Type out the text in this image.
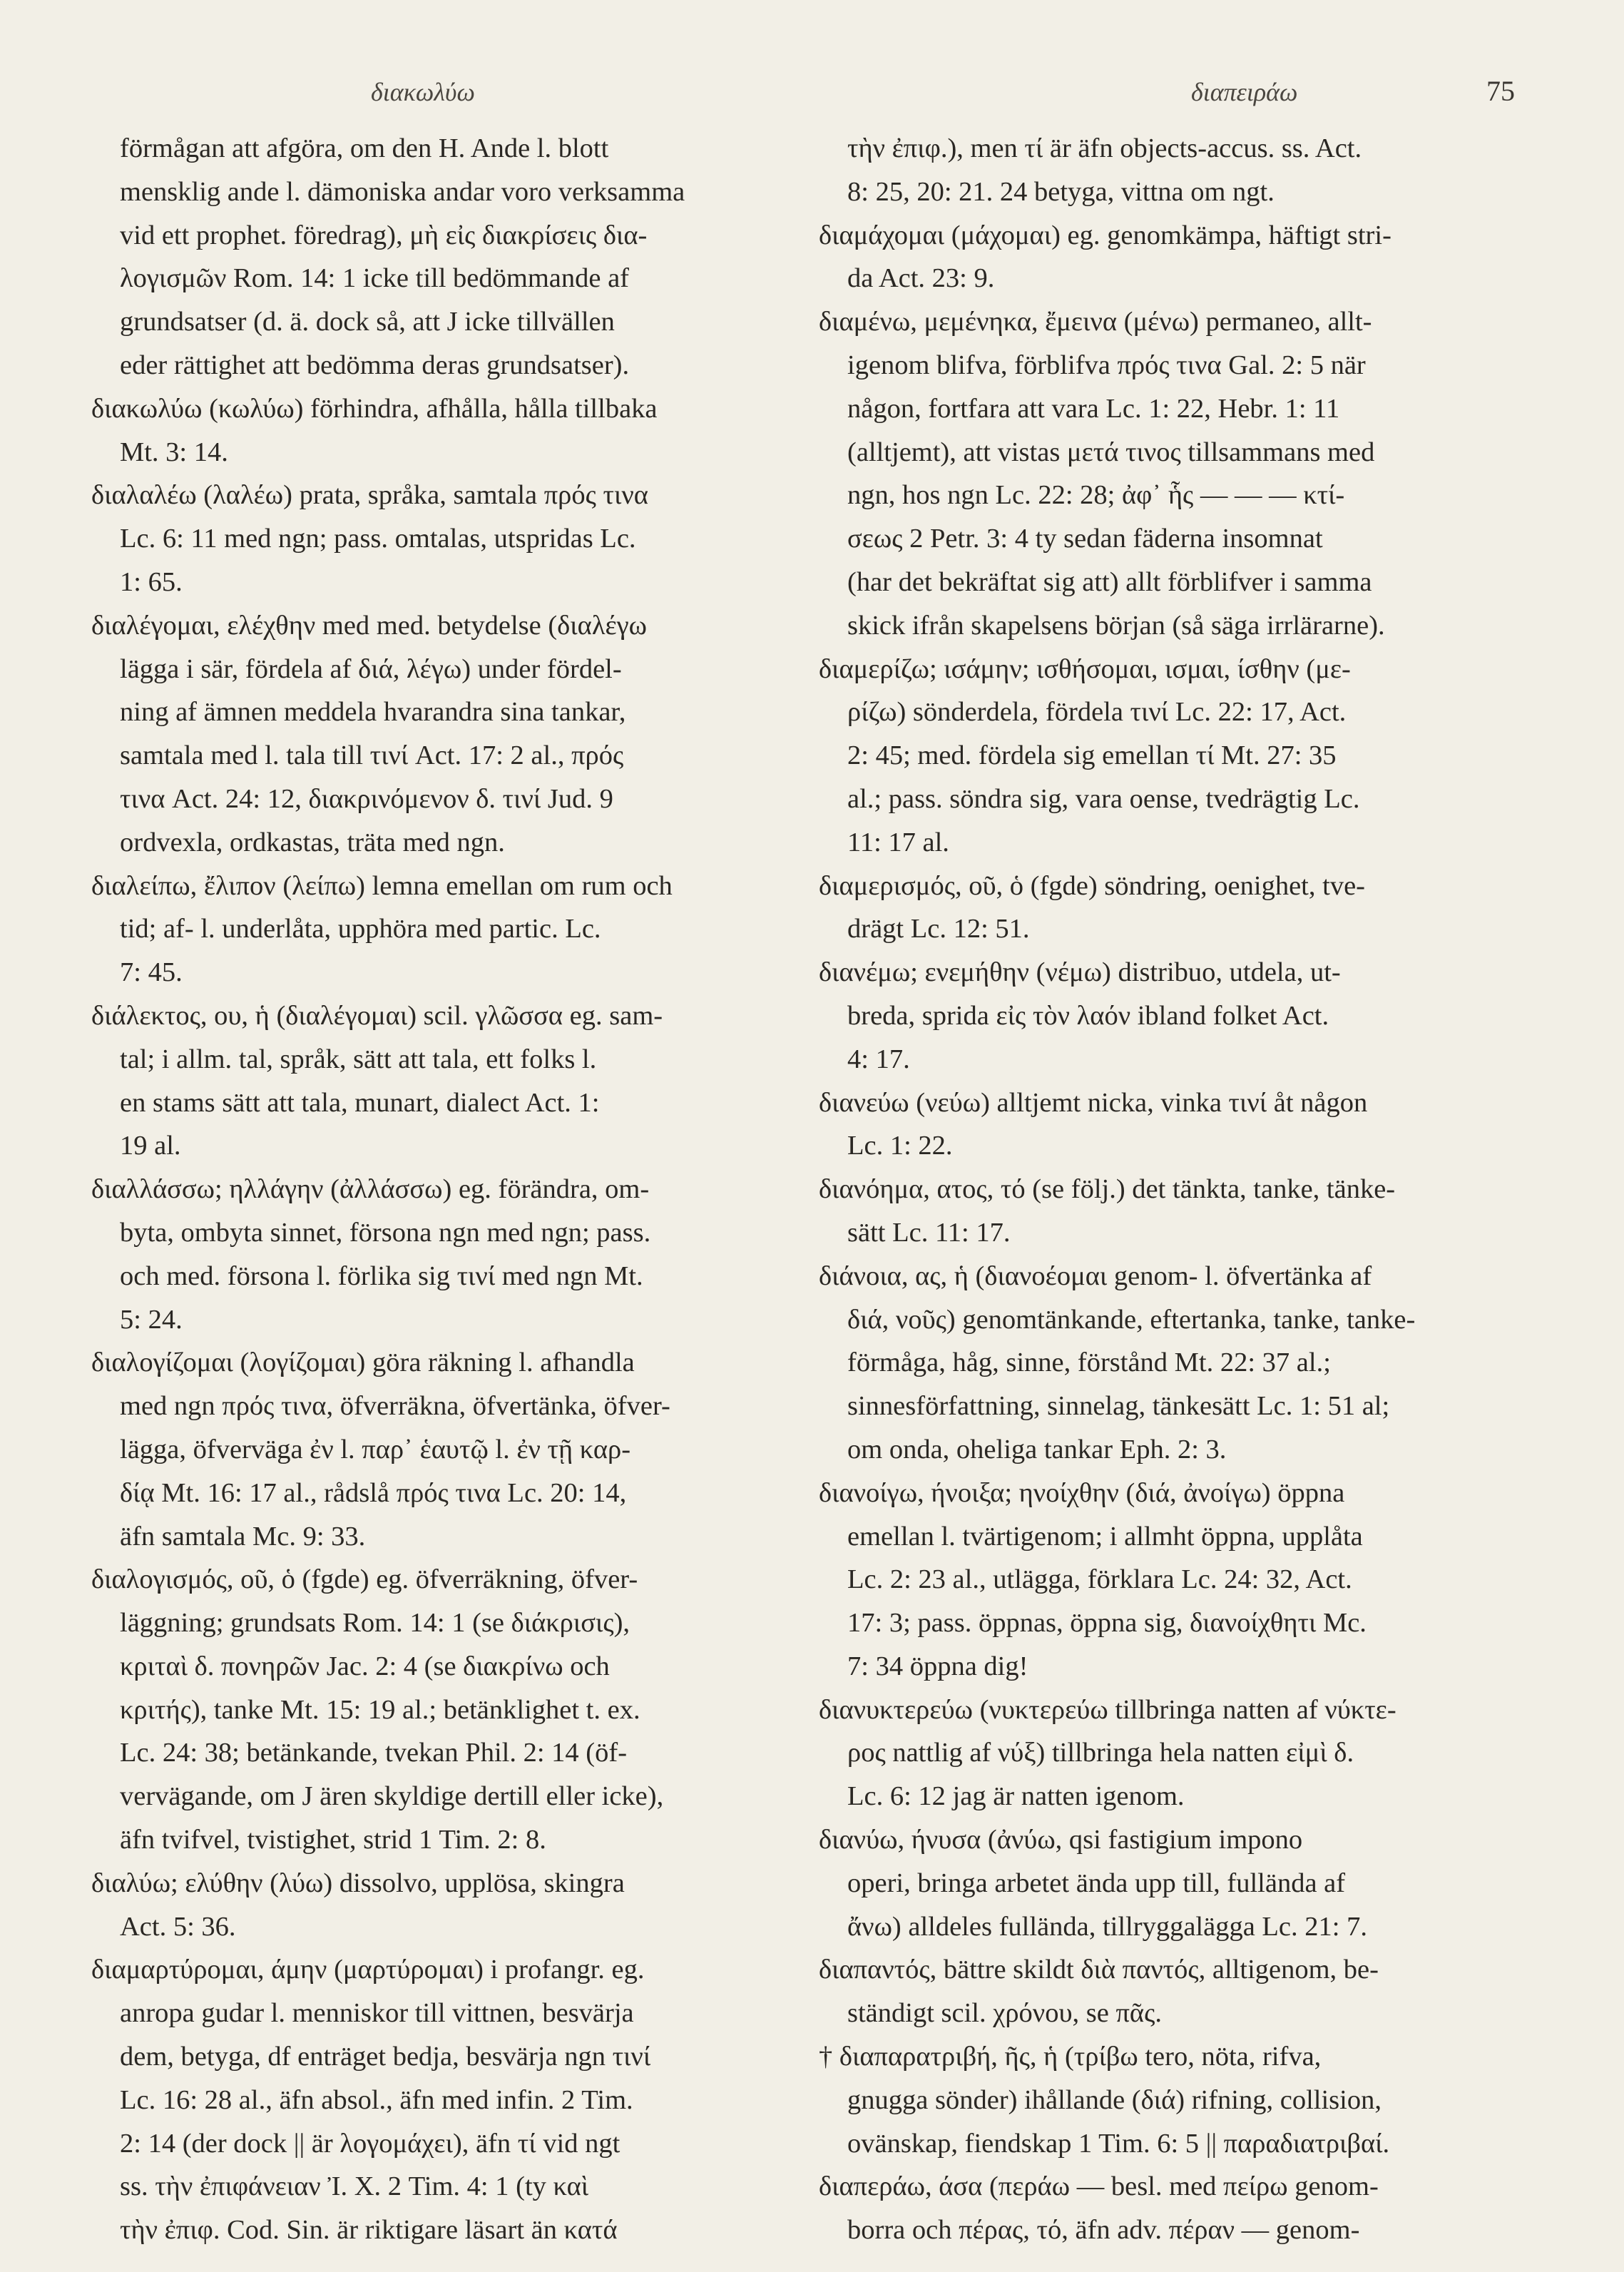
διακωλύω	διαπειράω	75
förmågan att afgöra, om den H. Ande l. blott
mensklig ande l. dämoniska andar voro verksamma
vid ett prophet. föredrag), μὴ εἰς διακρίσεις δια-
λογισμῶν Rom. 14: 1 icke till bedömmande af
grundsatser (d. ä. dock så, att J icke tillvällen
eder rättighet att bedömma deras grundsatser).
διακωλύω (κωλύω) förhindra, afhålla, hålla tillbaka
Mt. 3: 14.
διαλαλέω (λαλέω) prata, språka, samtala πρός τινα
Lc. 6: 11 med ngn; pass. omtalas, utspridas Lc.
1: 65.
διαλέγομαι, ελέχθην med med. betydelse (διαλέγω
lägga i sär, fördela af διά, λέγω) under fördel-
ning af ämnen meddela hvarandra sina tankar,
samtala med l. tala till τινί Act. 17: 2 al., πρός
τινα Act. 24: 12, διακρινόμενον δ. τινί Jud. 9
ordvexla, ordkastas, träta med ngn.
διαλείπω, ἔλιπον (λείπω) lemna emellan om rum och
tid; af- l. underlåta, upphöra med partic. Lc.
7: 45.
διάλεκτος, ου, ἡ (διαλέγομαι) scil. γλῶσσα eg. sam-
tal; i allm. tal, språk, sätt att tala, ett folks l.
en stams sätt att tala, munart, dialect Act. 1:
19 al.
διαλλάσσω; ηλλάγην (ἀλλάσσω) eg. förändra, om-
byta, ombyta sinnet, försona ngn med ngn; pass.
och med. försona l. förlika sig τινί med ngn Mt.
5: 24.
διαλογίζομαι (λογίζομαι) göra räkning l. afhandla
med ngn πρός τινα, öfverräkna, öfvertänka, öfver-
lägga, öfverväga ἐν l. παρ᾽ ἑαυτῷ l. ἐν τῇ καρ-
δίᾳ Mt. 16: 17 al., rådslå πρός τινα Lc. 20: 14,
äfn samtala Mc. 9: 33.
διαλογισμός, οῦ, ὁ (fgde) eg. öfverräkning, öfver-
läggning; grundsats Rom. 14: 1 (se διάκρισις),
κριταὶ δ. πονηρῶν Jac. 2: 4 (se διακρίνω och
κριτής), tanke Mt. 15: 19 al.; betänklighet t. ex.
Lc. 24: 38; betänkande, tvekan Phil. 2: 14 (öf-
vervägande, om J ären skyldige dertill eller icke),
äfn tvifvel, tvistighet, strid 1 Tim. 2: 8.
διαλύω; ελύθην (λύω) dissolvo, upplösa, skingra
Act. 5: 36.
διαμαρτύρομαι, άμην (μαρτύρομαι) i profangr. eg.
anropa gudar l. menniskor till vittnen, besvärja
dem, betyga, df enträget bedja, besvärja ngn τινί
Lc. 16: 28 al., äfn absol., äfn med infin. 2 Tim.
2: 14 (der dock || är λογομάχει), äfn τί vid ngt
ss. τὴν ἐπιφάνειαν Ἰ. Χ. 2 Tim. 4: 1 (ty καὶ
τὴν ἐπιφ. Cod. Sin. är riktigare läsart än κατά
τὴν ἐπιφ.), men τί är äfn objects-accus. ss. Act.
8: 25, 20: 21. 24 betyga, vittna om ngt.
διαμάχομαι (μάχομαι) eg. genomkämpa, häftigt stri-
da Act. 23: 9.
διαμένω, μεμένηκα, ἔμεινα (μένω) permaneo, allt-
igenom blifva, förblifva πρός τινα Gal. 2: 5 när
någon, fortfara att vara Lc. 1: 22, Hebr. 1: 11
(alltjemt), att vistas μετά τινος tillsammans med
ngn, hos ngn Lc. 22: 28; ἀφ᾽ ἧς — — — κτί-
σεως 2 Petr. 3: 4 ty sedan fäderna insomnat
(har det bekräftat sig att) allt förblifver i samma
skick ifrån skapelsens början (så säga irrlärarne).
διαμερίζω; ισάμην; ισθήσομαι, ισμαι, ίσθην (με-
ρίζω) sönderdela, fördela τινί Lc. 22: 17, Act.
2: 45; med. fördela sig emellan τί Mt. 27: 35
al.; pass. söndra sig, vara oense, tvedrägtig Lc.
11: 17 al.
διαμερισμός, οῦ, ὁ (fgde) söndring, oenighet, tve-
drägt Lc. 12: 51.
διανέμω; ενεμήθην (νέμω) distribuo, utdela, ut-
breda, sprida εἰς τὸν λαόν ibland folket Act.
4: 17.
διανεύω (νεύω) alltjemt nicka, vinka τινί åt någon
Lc. 1: 22.
διανόημα, ατος, τό (se följ.) det tänkta, tanke, tänke-
sätt Lc. 11: 17.
διάνοια, ας, ἡ (διανοέομαι genom- l. öfvertänka af
διά, νοῦς) genomtänkande, eftertanka, tanke, tanke-
förmåga, håg, sinne, förstånd Mt. 22: 37 al.;
sinnesförfattning, sinnelag, tänkesätt Lc. 1: 51 al;
om onda, oheliga tankar Eph. 2: 3.
διανοίγω, ήνοιξα; ηνοίχθην (διά, ἀνοίγω) öppna
emellan l. tvärtigenom; i allmht öppna, upplåta
Lc. 2: 23 al., utlägga, förklara Lc. 24: 32, Act.
17: 3; pass. öppnas, öppna sig, διανοίχθητι Mc.
7: 34 öppna dig!
διανυκτερεύω (νυκτερεύω tillbringa natten af νύκτε-
ρος nattlig af νύξ) tillbringa hela natten εἰμὶ δ.
Lc. 6: 12 jag är natten igenom.
διανύω, ήνυσα (ἀνύω, qsi fastigium impono
operi, bringa arbetet ända upp till, fullända af
ἄνω) alldeles fullända, tillryggalägga Lc. 21: 7.
διαπαντός, bättre skildt διὰ παντός, alltigenom, be-
ständigt scil. χρόνου, se πᾶς.
† διαπαρατριβή, ῆς, ἡ (τρίβω tero, nöta, rifva,
gnugga sönder) ihållande (διά) rifning, collision,
ovänskap, fiendskap 1 Tim. 6: 5 || παραδιατριβαί.
διαπεράω, άσα (περάω — besl. med πείρω genom-
borra och πέρας, τό, äfn adv. πέραν — genom-
